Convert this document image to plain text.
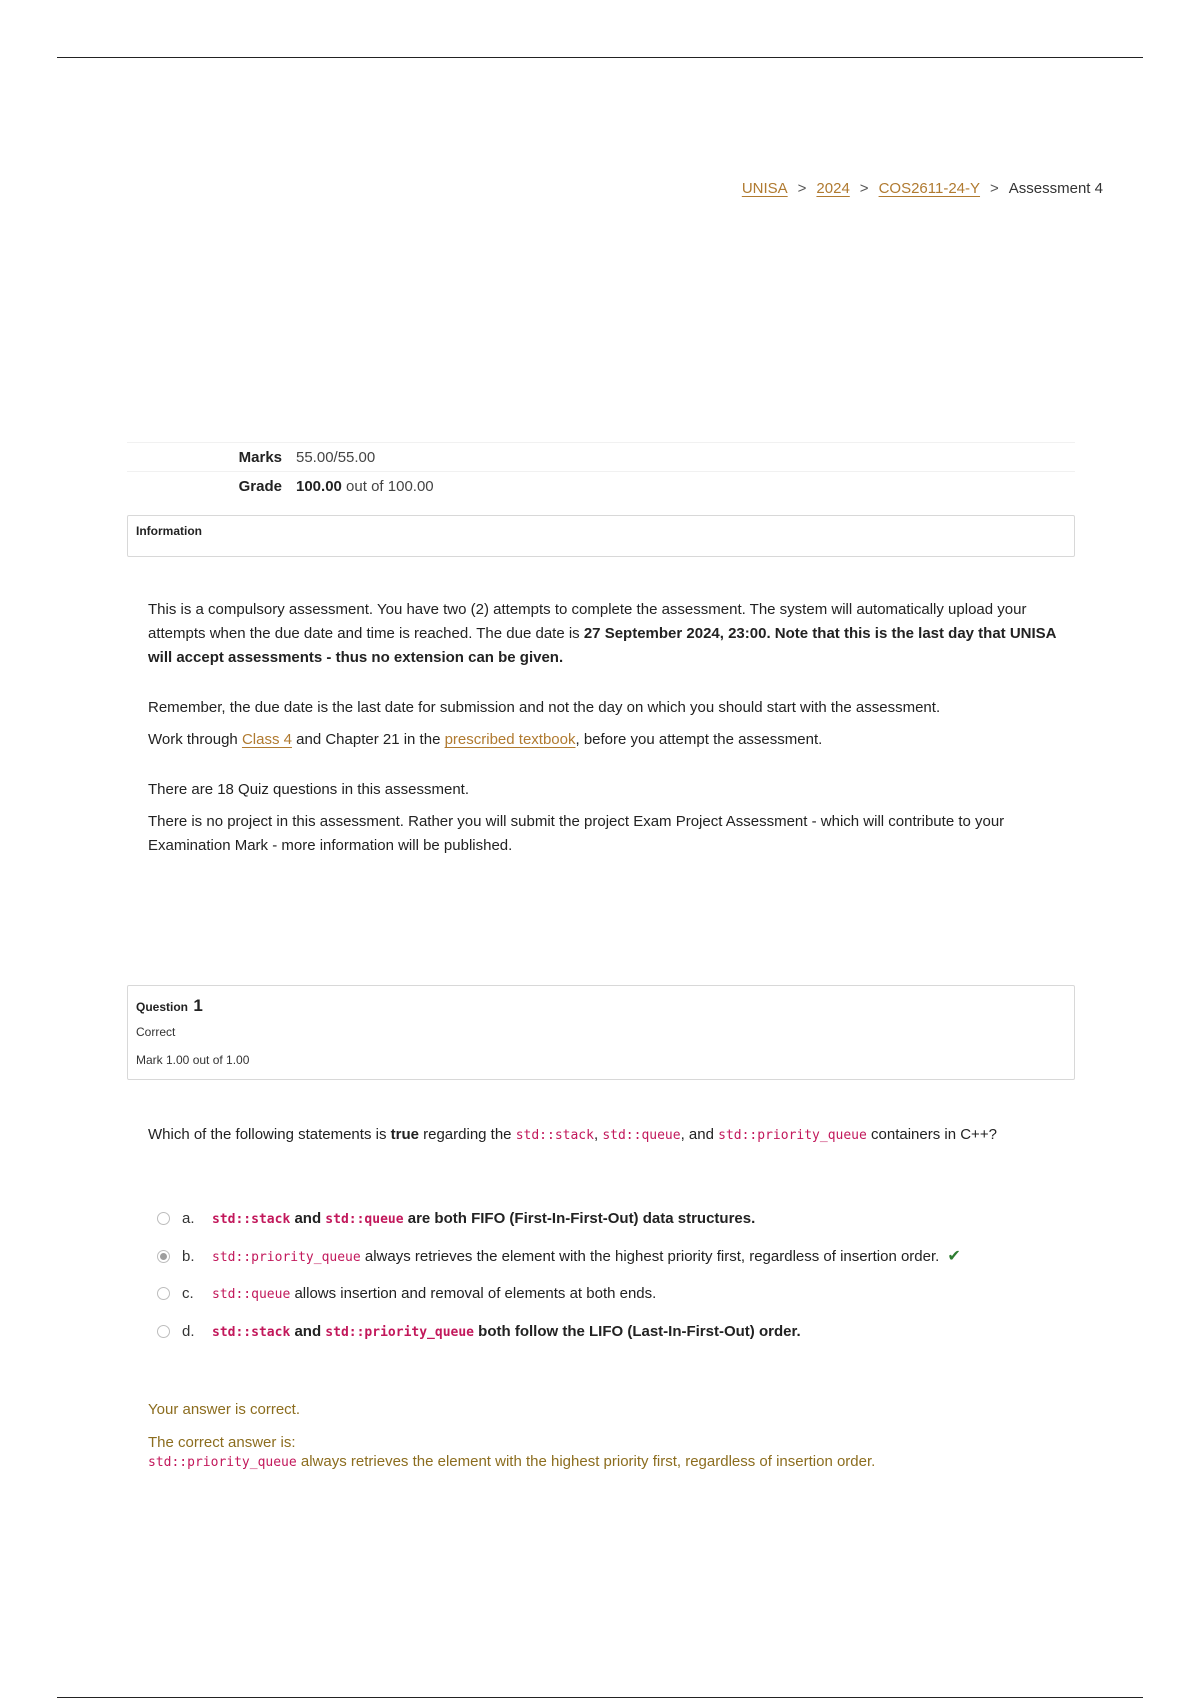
UNISA > 2024 > COS2611-24-Y > Assessment 4
Marks 55.00/55.00
Grade 100.00 out of 100.00
Information

This is a compulsory assessment. You have two (2) attempts to complete the assessment. The system will automatically upload your attempts when the due date and time is reached. The due date is 27 September 2024, 23:00. Note that this is the last day that UNISA will accept assessments - thus no extension can be given.

Remember, the due date is the last date for submission and not the day on which you should start with the assessment.

Work through Class 4 and Chapter 21 in the prescribed textbook, before you attempt the assessment.

There are 18 Quiz questions in this assessment.

There is no project in this assessment. Rather you will submit the project Exam Project Assessment - which will contribute to your Examination Mark - more information will be published.

Question 1
Correct
Mark 1.00 out of 1.00
Which of the following statements is true regarding the std::stack, std::queue, and std::priority_queue containers in C++?
a.	std::stack and std::queue are both FIFO (First-In-First-Out) data structures.
b.	std::priority_queue always retrieves the element with the highest priority first, regardless of insertion order. ✔
c.	std::queue allows insertion and removal of elements at both ends.
d.	std::stack and std::priority_queue both follow the LIFO (Last-In-First-Out) order.
Your answer is correct.
The correct answer is:
std::priority_queue always retrieves the element with the highest priority first, regardless of insertion order.
